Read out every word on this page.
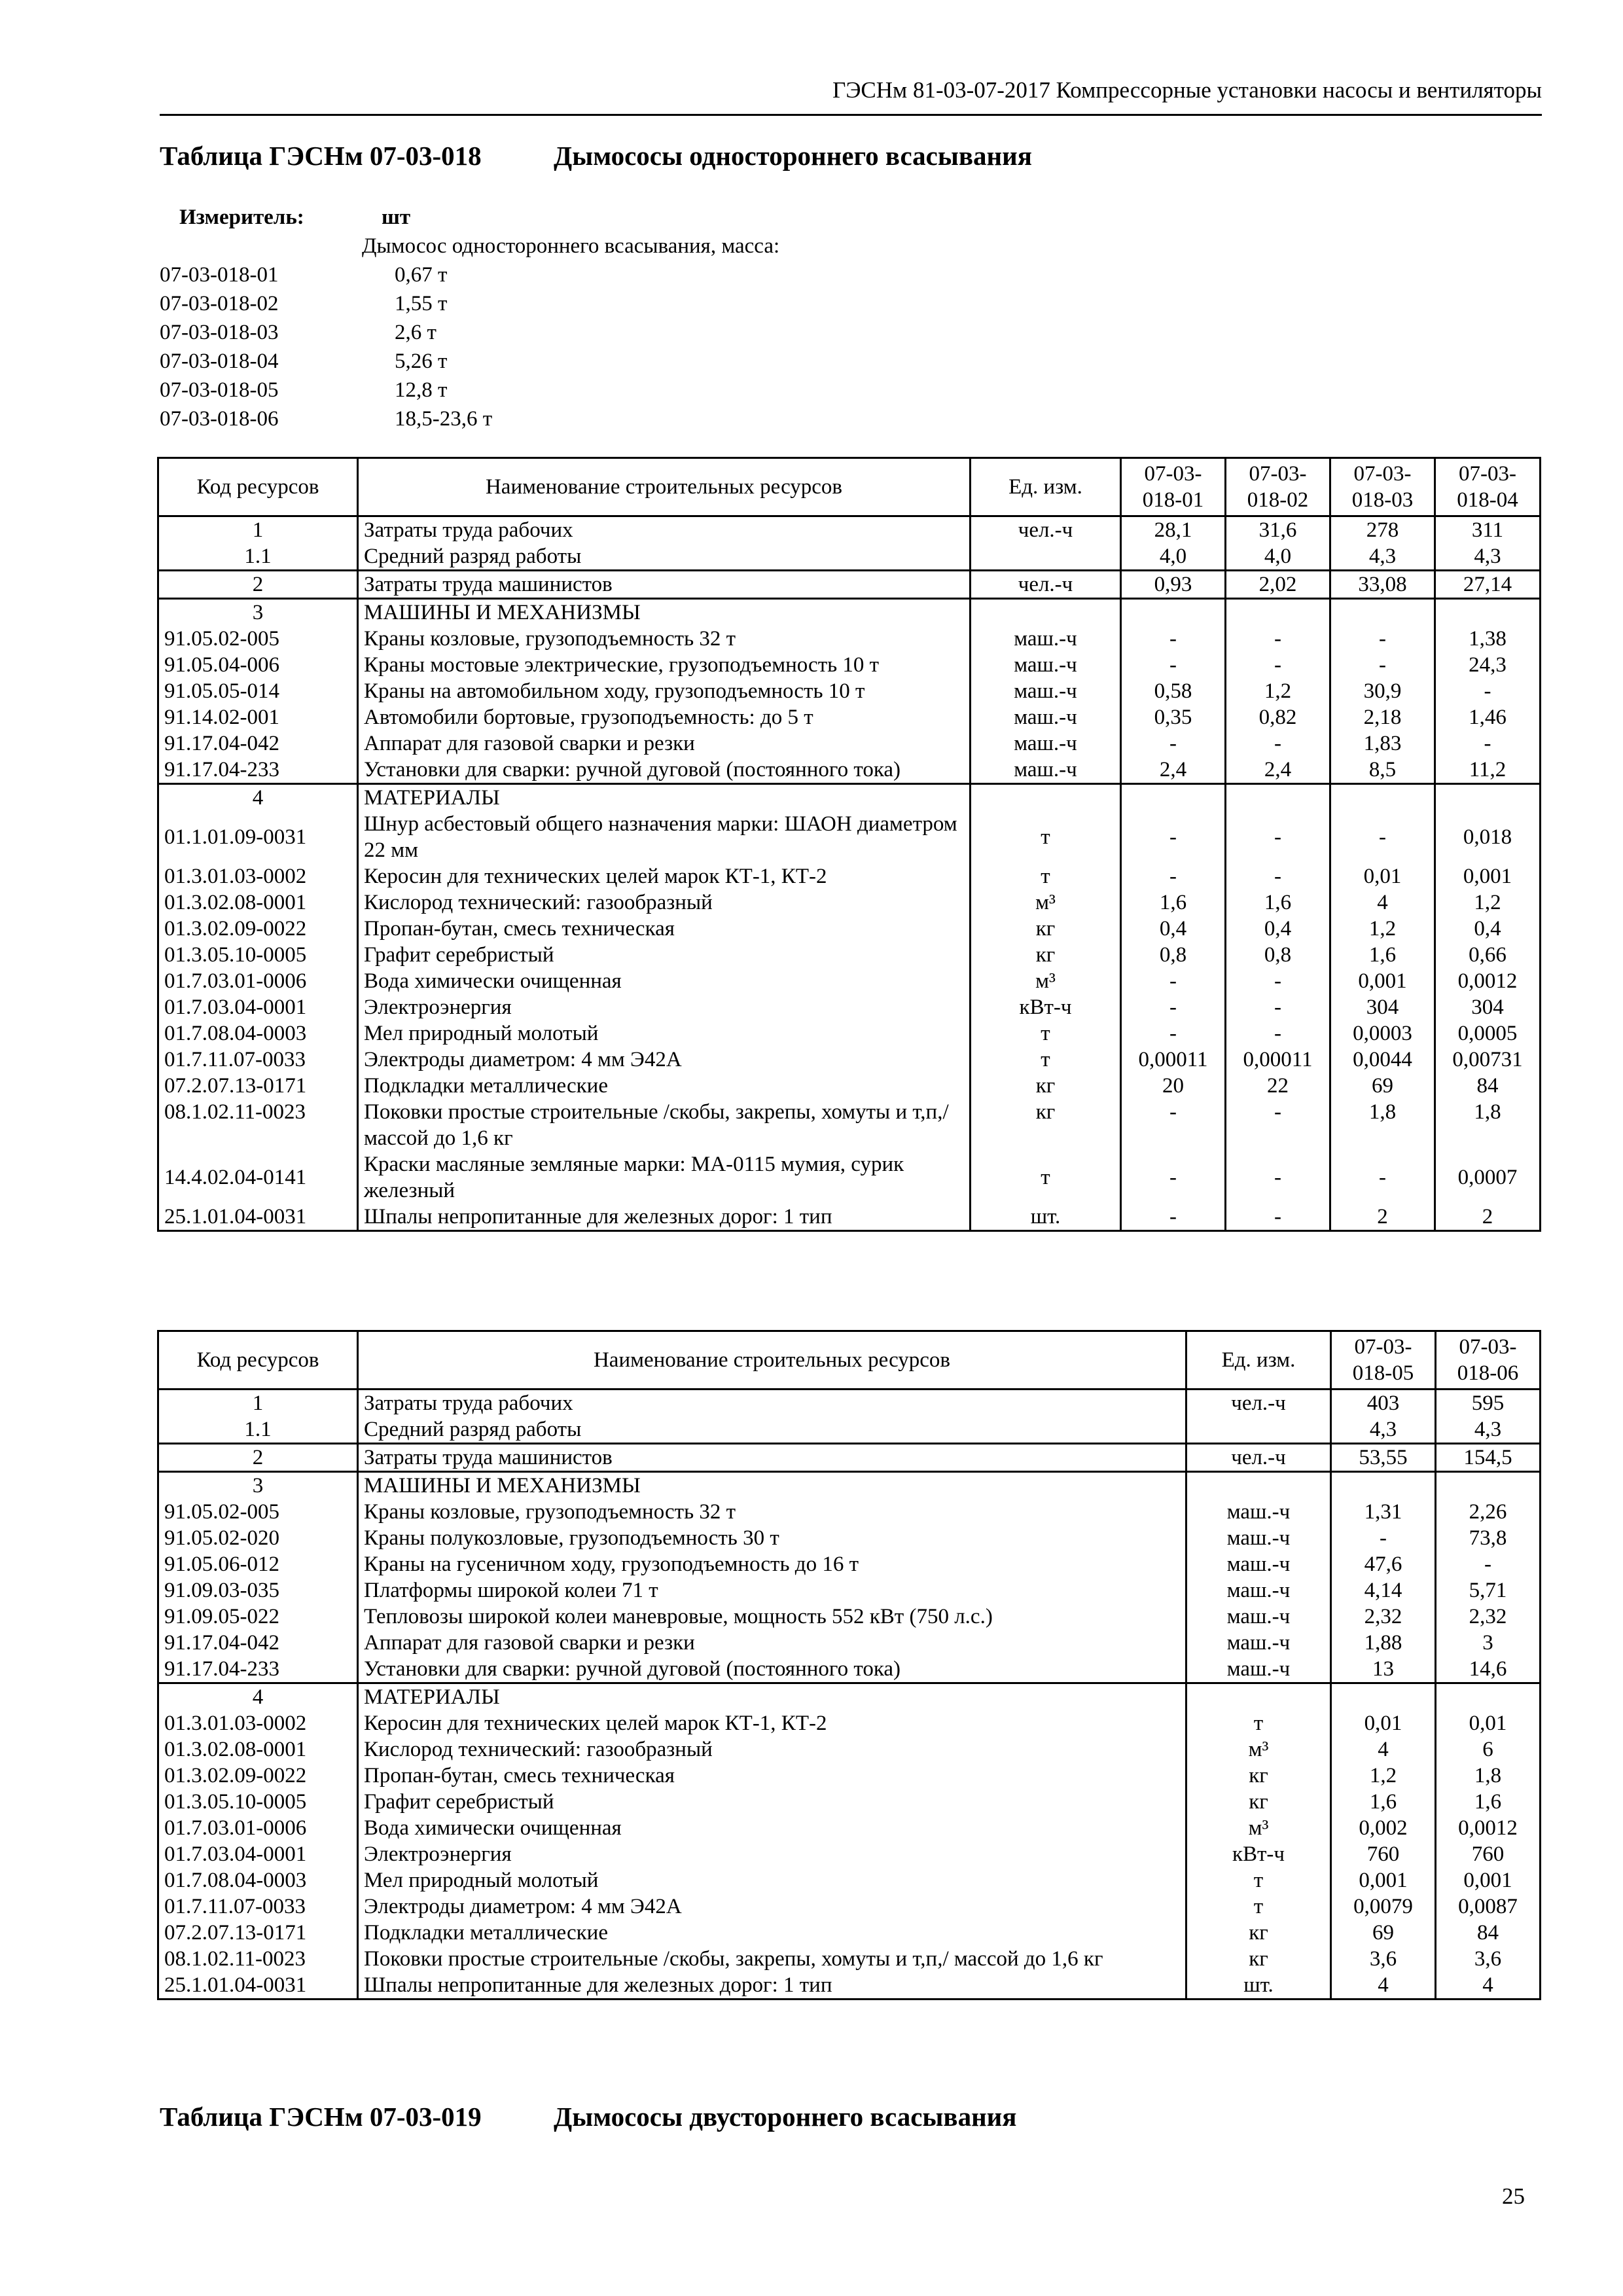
ГЭСНм 81-03-07-2017 Компрессорные установки насосы и вентиляторы
Таблица ГЭСНм 07-03-018	Дымососы одностороннего всасывания
Измеритель:	шт
Дымосос одностороннего всасывания, масса:
07-03-018-01	0,67 т
07-03-018-02	1,55 т
07-03-018-03	2,6 т
07-03-018-04	5,26 т
07-03-018-05	12,8 т
07-03-018-06	18,5-23,6 т
Код ресурсов	Наименование строительных ресурсов	Ед. изм.	07-03-018-01	07-03-018-02	07-03-018-03	07-03-018-04
1	Затраты труда рабочих	чел.-ч	28,1	31,6	278	311
1.1	Средний разряд работы		4,0	4,0	4,3	4,3
2	Затраты труда машинистов	чел.-ч	0,93	2,02	33,08	27,14
3	МАШИНЫ И МЕХАНИЗМЫ					
91.05.02-005	Краны козловые, грузоподъемность 32 т	маш.-ч	-	-	-	1,38
91.05.04-006	Краны мостовые электрические, грузоподъемность 10 т	маш.-ч	-	-	-	24,3
91.05.05-014	Краны на автомобильном ходу, грузоподъемность 10 т	маш.-ч	0,58	1,2	30,9	-
91.14.02-001	Автомобили бортовые, грузоподъемность: до 5 т	маш.-ч	0,35	0,82	2,18	1,46
91.17.04-042	Аппарат для газовой сварки и резки	маш.-ч	-	-	1,83	-
91.17.04-233	Установки для сварки: ручной дуговой (постоянного тока)	маш.-ч	2,4	2,4	8,5	11,2
4	МАТЕРИАЛЫ					
01.1.01.09-0031	Шнур асбестовый общего назначения марки: ШАОН диаметром 22 мм	т	-	-	-	0,018
01.3.01.03-0002	Керосин для технических целей марок КТ-1, КТ-2	т	-	-	0,01	0,001
01.3.02.08-0001	Кислород технический: газообразный	м³	1,6	1,6	4	1,2
01.3.02.09-0022	Пропан-бутан, смесь техническая	кг	0,4	0,4	1,2	0,4
01.3.05.10-0005	Графит серебристый	кг	0,8	0,8	1,6	0,66
01.7.03.01-0006	Вода химически очищенная	м³	-	-	0,001	0,0012
01.7.03.04-0001	Электроэнергия	кВт-ч	-	-	304	304
01.7.08.04-0003	Мел природный молотый	т	-	-	0,0003	0,0005
01.7.11.07-0033	Электроды диаметром: 4 мм Э42А	т	0,00011	0,00011	0,0044	0,00731
07.2.07.13-0171	Подкладки металлические	кг	20	22	69	84
08.1.02.11-0023	Поковки простые строительные /скобы, закрепы, хомуты и т,п,/ массой до 1,6 кг	кг	-	-	1,8	1,8
14.4.02.04-0141	Краски масляные земляные марки: МА-0115 мумия, сурик железный	т	-	-	-	0,0007
25.1.01.04-0031	Шпалы непропитанные для железных дорог: 1 тип	шт.	-	-	2	2
Код ресурсов	Наименование строительных ресурсов	Ед. изм.	07-03-018-05	07-03-018-06
1	Затраты труда рабочих	чел.-ч	403	595
1.1	Средний разряд работы		4,3	4,3
2	Затраты труда машинистов	чел.-ч	53,55	154,5
3	МАШИНЫ И МЕХАНИЗМЫ			
91.05.02-005	Краны козловые, грузоподъемность 32 т	маш.-ч	1,31	2,26
91.05.02-020	Краны полукозловые, грузоподъемность 30 т	маш.-ч	-	73,8
91.05.06-012	Краны на гусеничном ходу, грузоподъемность до 16 т	маш.-ч	47,6	-
91.09.03-035	Платформы широкой колеи 71 т	маш.-ч	4,14	5,71
91.09.05-022	Тепловозы широкой колеи маневровые, мощность 552 кВт (750 л.с.)	маш.-ч	2,32	2,32
91.17.04-042	Аппарат для газовой сварки и резки	маш.-ч	1,88	3
91.17.04-233	Установки для сварки: ручной дуговой (постоянного тока)	маш.-ч	13	14,6
4	МАТЕРИАЛЫ			
01.3.01.03-0002	Керосин для технических целей марок КТ-1, КТ-2	т	0,01	0,01
01.3.02.08-0001	Кислород технический: газообразный	м³	4	6
01.3.02.09-0022	Пропан-бутан, смесь техническая	кг	1,2	1,8
01.3.05.10-0005	Графит серебристый	кг	1,6	1,6
01.7.03.01-0006	Вода химически очищенная	м³	0,002	0,0012
01.7.03.04-0001	Электроэнергия	кВт-ч	760	760
01.7.08.04-0003	Мел природный молотый	т	0,001	0,001
01.7.11.07-0033	Электроды диаметром: 4 мм Э42А	т	0,0079	0,0087
07.2.07.13-0171	Подкладки металлические	кг	69	84
08.1.02.11-0023	Поковки простые строительные /скобы, закрепы, хомуты и т,п,/ массой до 1,6 кг	кг	3,6	3,6
25.1.01.04-0031	Шпалы непропитанные для железных дорог: 1 тип	шт.	4	4
Таблица ГЭСНм 07-03-019	Дымососы двустороннего всасывания
25
